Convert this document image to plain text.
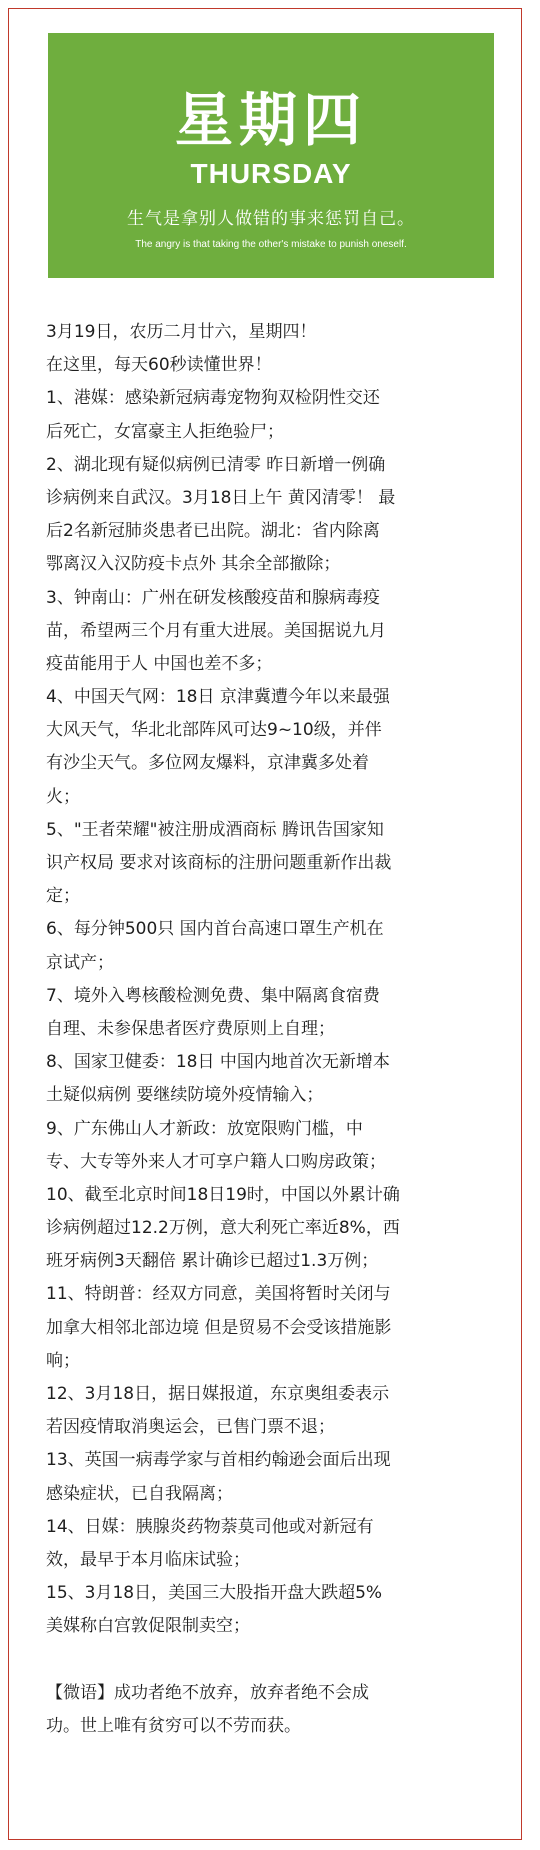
星期四
THURSDAY
生气是拿别人做错的事来惩罚自己。
The angry is that taking the other's mistake to punish oneself.
3月19日，农历二月廿六，星期四！
在这里，每天60秒读懂世界！
1、港媒：感染新冠病毒宠物狗双检阴性交还
后死亡，女富豪主人拒绝验尸；
2、湖北现有疑似病例已清零 昨日新增一例确
诊病例来自武汉。3月18日上午 黄冈清零！ 最
后2名新冠肺炎患者已出院。湖北：省内除离
鄂离汉入汉防疫卡点外 其余全部撤除；
3、钟南山：广州在研发核酸疫苗和腺病毒疫
苗，希望两三个月有重大进展。美国据说九月
疫苗能用于人 中国也差不多；
4、中国天气网：18日 京津冀遭今年以来最强
大风天气，华北北部阵风可达9~10级，并伴
有沙尘天气。多位网友爆料，京津冀多处着
火；
5、"王者荣耀"被注册成酒商标 腾讯告国家知
识产权局 要求对该商标的注册问题重新作出裁
定；
6、每分钟500只 国内首台高速口罩生产机在
京试产；
7、境外入粤核酸检测免费、集中隔离食宿费
自理、未参保患者医疗费原则上自理；
8、国家卫健委：18日 中国内地首次无新增本
土疑似病例 要继续防境外疫情输入；
9、广东佛山人才新政：放宽限购门槛，中
专、大专等外来人才可享户籍人口购房政策；
10、截至北京时间18日19时，中国以外累计确
诊病例超过12.2万例，意大利死亡率近8%，西
班牙病例3天翻倍 累计确诊已超过1.3万例；
11、特朗普：经双方同意，美国将暂时关闭与
加拿大相邻北部边境 但是贸易不会受该措施影
响；
12、3月18日，据日媒报道，东京奥组委表示
若因疫情取消奥运会，已售门票不退；
13、英国一病毒学家与首相约翰逊会面后出现
感染症状，已自我隔离；
14、日媒：胰腺炎药物萘莫司他或对新冠有
效，最早于本月临床试验；
15、3月18日，美国三大股指开盘大跌超5%
美媒称白宫敦促限制卖空；
【微语】成功者绝不放弃，放弃者绝不会成
功。世上唯有贫穷可以不劳而获。
